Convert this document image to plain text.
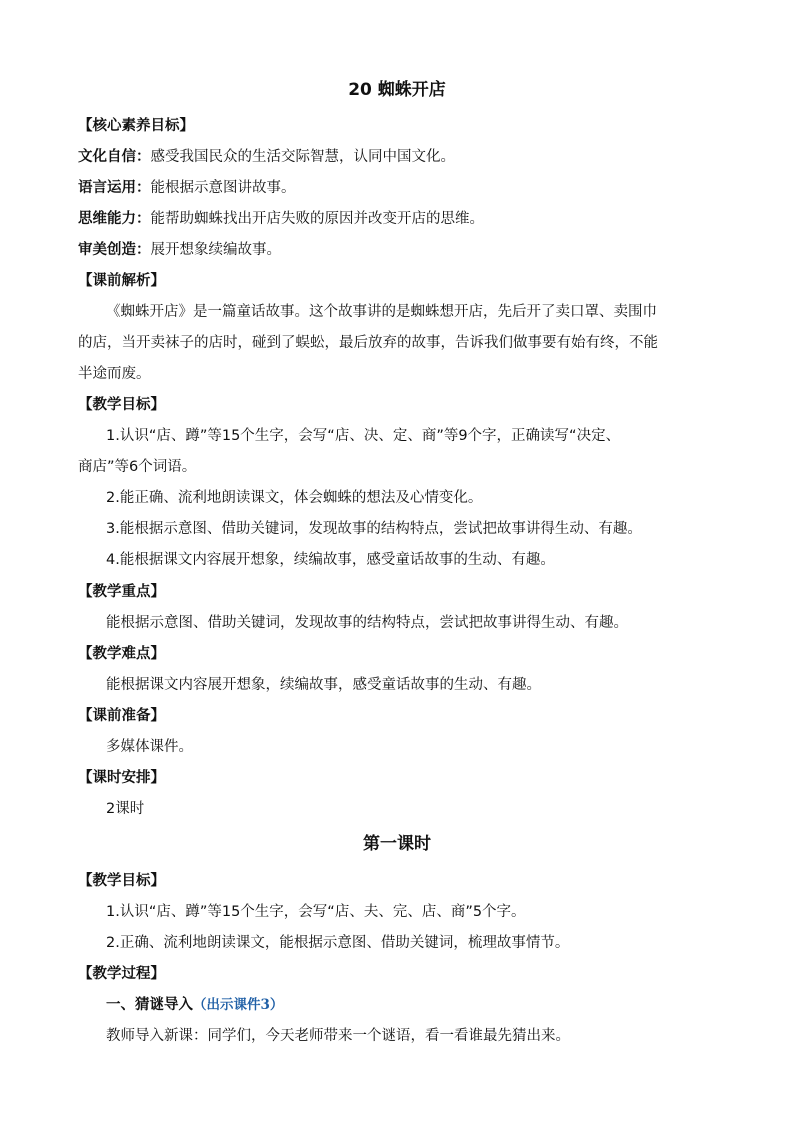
20 蜘蛛开店
【核心素养目标】
文化自信：感受我国民众的生活交际智慧，认同中国文化。
语言运用：能根据示意图讲故事。
思维能力：能帮助蜘蛛找出开店失败的原因并改变开店的思维。
审美创造：展开想象续编故事。
【课前解析】
《蜘蛛开店》是一篇童话故事。这个故事讲的是蜘蛛想开店，先后开了卖口罩、卖围巾
的店，当开卖袜子的店时，碰到了蜈蚣，最后放弃的故事，告诉我们做事要有始有终，不能
半途而废。
【教学目标】
1.认识“店、蹲”等15个生字，会写“店、决、定、商”等9个字，正确读写“决定、
商店”等6个词语。
2.能正确、流利地朗读课文，体会蜘蛛的想法及心情变化。
3.能根据示意图、借助关键词，发现故事的结构特点，尝试把故事讲得生动、有趣。
4.能根据课文内容展开想象，续编故事，感受童话故事的生动、有趣。
【教学重点】
能根据示意图、借助关键词，发现故事的结构特点，尝试把故事讲得生动、有趣。
【教学难点】
能根据课文内容展开想象，续编故事，感受童话故事的生动、有趣。
【课前准备】
多媒体课件。
【课时安排】
2课时
第一课时
【教学目标】
1.认识“店、蹲”等15个生字，会写“店、夫、完、店、商”5个字。
2.正确、流利地朗读课文，能根据示意图、借助关键词，梳理故事情节。
【教学过程】
一、猜谜导入（出示课件3）
教师导入新课：同学们，今天老师带来一个谜语，看一看谁最先猜出来。
